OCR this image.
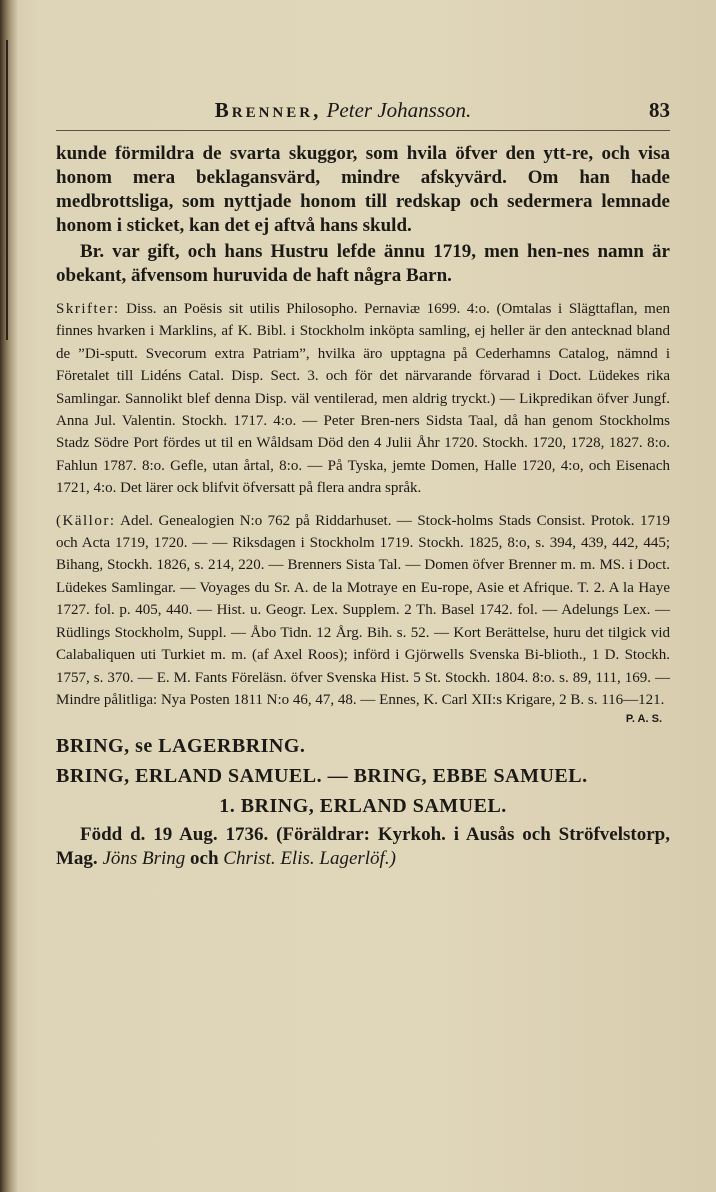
Brenner, Peter Johansson.	83

kunde förmildra de svarta skuggor, som hvila öfver den ytt-re, och visa honom mera beklagansvärd, mindre afskyvärd. Om han hade medbrottsliga, som nyttjade honom till redskap och sedermera lemnade honom i sticket, kan det ej aftvå hans skuld.

Br. var gift, och hans Hustru lefde ännu 1719, men hen-nes namn är obekant, äfvensom huruvida de haft några Barn.

Skrifter: Diss. an Poësis sit utilis Philosopho. Pernaviæ 1699. 4:o. (Omtalas i Slägttaflan, men finnes hvarken i Marklins, af K. Bibl. i Stockholm inköpta samling, ej heller är den antecknad bland de ”Di-sputt. Svecorum extra Patriam”, hvilka äro upptagna på Cederhamns Catalog, nämnd i Företalet till Lidéns Catal. Disp. Sect. 3. och för det närvarande förvarad i Doct. Lüdekes rika Samlingar. Sannolikt blef denna Disp. väl ventilerad, men aldrig tryckt.) — Likpredikan öfver Jungf. Anna Jul. Valentin. Stockh. 1717. 4:o. — Peter Bren-ners Sidsta Taal, då han genom Stockholms Stadz Södre Port fördes ut til en Wåldsam Död den 4 Julii Åhr 1720. Stockh. 1720, 1728, 1827. 8:o. Fahlun 1787. 8:o. Gefle, utan årtal, 8:o. — På Tyska, jemte Domen, Halle 1720, 4:o, och Eisenach 1721, 4:o. Det lärer ock blifvit öfversatt på flera andra språk.

(Källor: Adel. Genealogien N:o 762 på Riddarhuset. — Stock-holms Stads Consist. Protok. 1719 och Acta 1719, 1720. — — Riksdagen i Stockholm 1719. Stockh. 1825, 8:o, s. 394, 439, 442, 445; Bihang, Stockh. 1826, s. 214, 220. — Brenners Sista Tal. — Domen öfver Brenner m. m. MS. i Doct. Lüdekes Samlingar. — Voyages du Sr. A. de la Motraye en Eu-rope, Asie et Afrique. T. 2. A la Haye 1727. fol. p. 405, 440. — Hist. u. Geogr. Lex. Supplem. 2 Th. Basel 1742. fol. — Adelungs Lex. — Rüdlings Stockholm, Suppl. — Åbo Tidn. 12 Årg. Bih. s. 52. — Kort Berättelse, huru det tilgick vid Calabaliquen uti Turkiet m. m. (af Axel Roos); införd i Gjörwells Svenska Bi-blioth., 1 D. Stockh. 1757, s. 370. — E. M. Fants Föreläsn. öfver Svenska Hist. 5 St. Stockh. 1804. 8:o. s. 89, 111, 169. — Mindre pålitliga: Nya Posten 1811 N:o 46, 47, 48. — Ennes, K. Carl XII:s Krigare, 2 B. s. 116—121.

P. A. S.

BRING, se LAGERBRING.

BRING, ERLAND SAMUEL. — BRING, EBBE SAMUEL.

1. BRING, ERLAND SAMUEL.

Född d. 19 Aug. 1736. (Föräldrar: Kyrkoh. i Ausås och Ströfvelstorp, Mag. Jöns Bring och Christ. Elis. Lagerlöf.)
